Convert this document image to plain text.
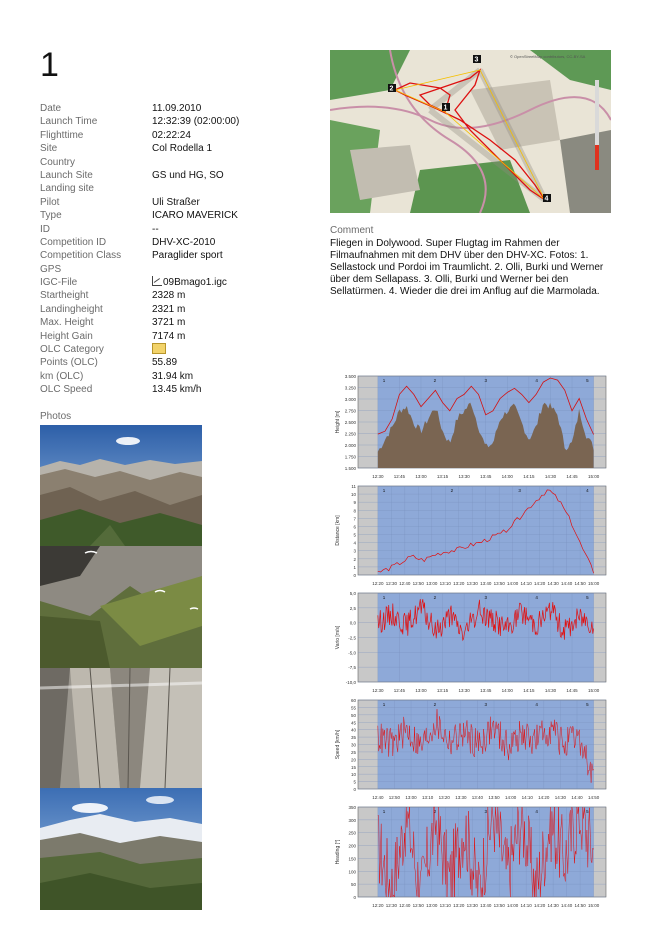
1
Date	11.09.2010
Launch Time	12:32:39 (02:00:00)
Flighttime	02:22:24
Site	Col Rodella 1
Country
Launch Site	GS und HG, SO
Landing site
Pilot	Uli Straßer
Type	ICARO MAVERICK
ID	--
Competition ID	DHV-XC-2010
Competition Class	Paraglider sport
GPS
IGC-File	09Bmago1.igc
Startheight	2328 m
Landingheight	2321 m
Max. Height	3721 m
Height Gain	7174 m
OLC Category
Points (OLC)	55.89
km (OLC)	31.94 km
OLC Speed	13.45 km/h
Photos
2
3
1
4
© OpenStreetMap contributors, CC-BY-SA
Comment
Fliegen in Dolywood. Super Flugtag im Rahmen der Filmaufnahmen mit dem DHV über den DHV-XC. Fotos: 1. Sellastock und Pordoi im Traumlicht. 2. Olli, Burki und Werner über dem Sellapass. 3. Olli, Burki und Werner bei den Sellatürmen. 4. Wieder die drei im Anflug auf die Marmolada.
3.500
3.250
3.000
2.750
2.500
2.250
2.000
1.750
1.500
12:30 12:45 13:00 13:15 13:30 13:45 14:00 14:15 14:30 14:45 15:00
1	2	3	4	5
Height [m]
11
10
9
8
7
6
5
4
3
2
1
0
12:20 12:30 12:40 12:50 13:00 13:10 13:20 13:30 13:40 13:50 14:00 14:10 14:20 14:30 14:40 14:50 15:00
1	2	3	4
Distance [km]
5,0
2,5
0,0
-2,5
-5,0
-7,5
-10,0
12:30 12:45 13:00 13:15 13:30 13:45 14:00 14:15 14:30 14:45 15:00
1	2	3	4	5
Vario [m/s]
60
55
50
45
40
35
30
25
20
15
10
5
0
12:40 12:50 13:00 13:10 13:20 13:30 13:40 13:50 14:00 14:10 14:20 14:30 14:40 14:50
1	2	3	4	5
Speed [km/h]
350
300
250
200
150
100
50
0
12:20 12:30 12:40 12:50 13:00 13:10 13:20 13:30 13:40 13:50 14:00 14:10 14:20 14:30 14:40 14:50 15:00
1	2	3	4	5
Heading [°]
